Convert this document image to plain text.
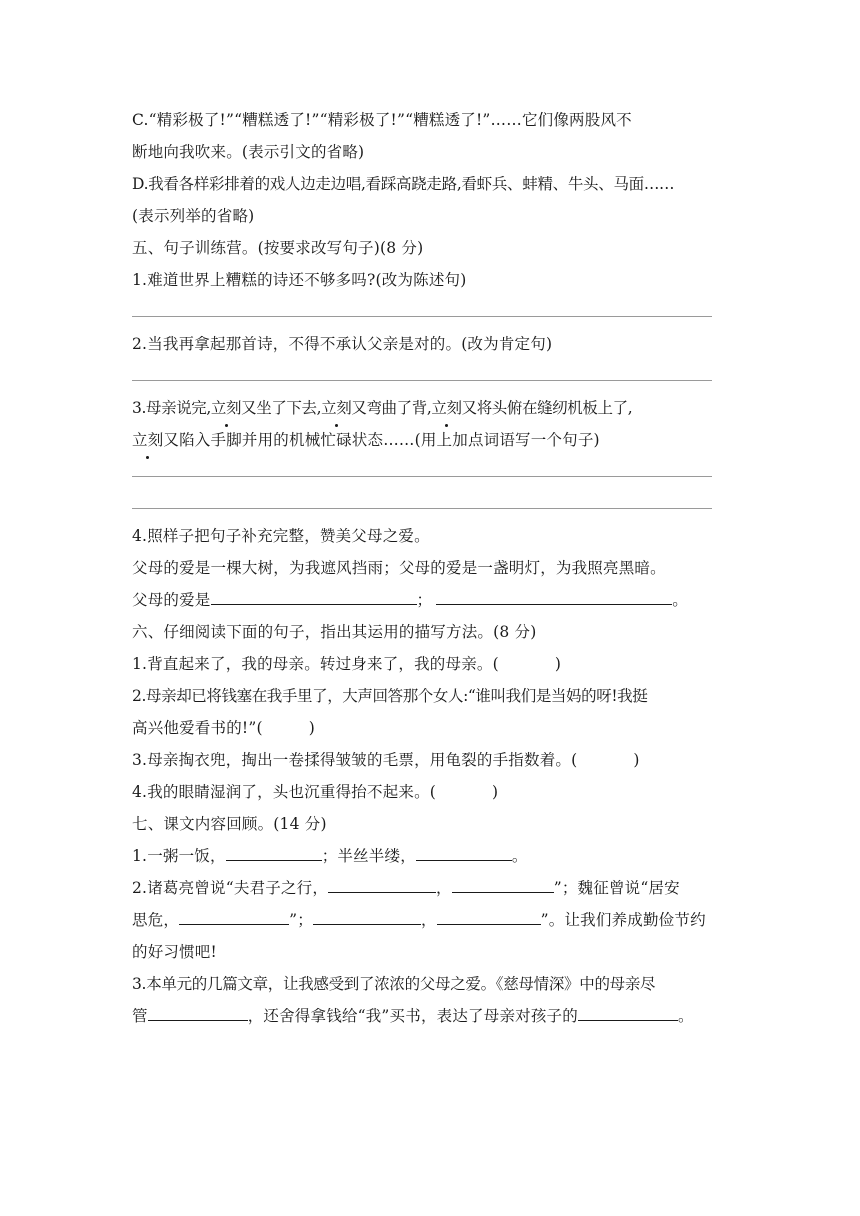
C.“精彩极了!”“糟糕透了!”“精彩极了!”“糟糕透了!”……它们像两股风不
断地向我吹来。(表示引文的省略)
D.我看各样彩排着的戏人边走边唱,看踩高跷走路,看虾兵、蚌精、牛头、马面……
(表示列举的省略)
五、句子训练营。(按要求改写句子)(8 分)
1.难道世界上糟糕的诗还不够多吗?(改为陈述句)
2.当我再拿起那首诗，不得不承认父亲是对的。(改为肯定句)
3.母亲说完,立刻又坐了下去,立刻又弯曲了背,立刻又将头俯在缝纫机板上了,
立刻又陷入手脚并用的机械忙碌状态……(用上加点词语写一个句子)
4.照样子把句子补充完整，赞美父母之爱。
父母的爱是一棵大树，为我遮风挡雨；父母的爱是一盏明灯，为我照亮黑暗。
父母的爱是	；	。
六、仔细阅读下面的句子，指出其运用的描写方法。(8 分)
1.背直起来了，我的母亲。转过身来了，我的母亲。(	)
2.母亲却已将钱塞在我手里了，大声回答那个女人:“谁叫我们是当妈的呀!我挺
高兴他爱看书的!”(	)
3.母亲掏衣兜，掏出一卷揉得皱皱的毛票，用龟裂的手指数着。(	)
4.我的眼睛湿润了，头也沉重得抬不起来。(	)
七、课文内容回顾。(14 分)
1.一粥一饭，	；半丝半缕，	。
2.诸葛亮曾说“夫君子之行，	，	”；魏征曾说“居安
思危，	”；	，	”。让我们养成勤俭节约
的好习惯吧!
3.本单元的几篇文章，让我感受到了浓浓的父母之爱。《慈母情深》中的母亲尽
管	，还舍得拿钱给“我”买书，表达了母亲对孩子的	。
